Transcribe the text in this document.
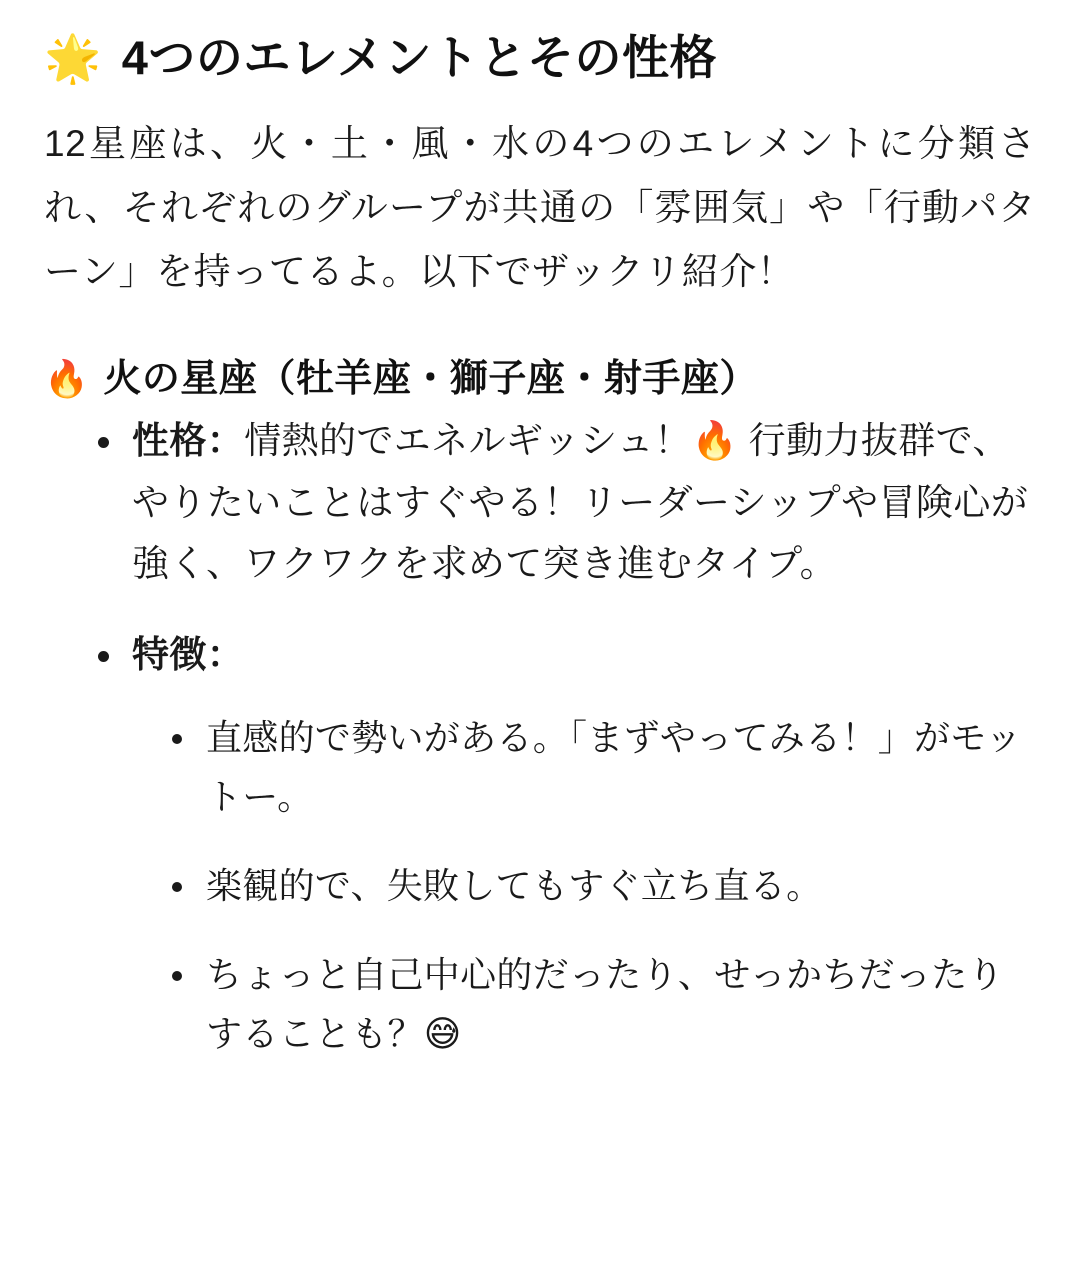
🌟 4つのエレメントとその性格

12星座は、火・土・風・水の4つのエレメントに分類され、それぞれのグループが共通の「雰囲気」や「行動パターン」を持ってるよ。以下でザックリ紹介！

🔥 火の星座（牡羊座・獅子座・射手座）
性格：情熱的でエネルギッシュ！🔥 行動力抜群で、やりたいことはすぐやる！リーダーシップや冒険心が強く、ワクワクを求めて突き進むタイプ。
特徴：
直感的で勢いがある。「まずやってみる！」がモットー。
楽観的で、失敗してもすぐ立ち直る。
ちょっと自己中心的だったり、せっかちだったりすることも？😅
